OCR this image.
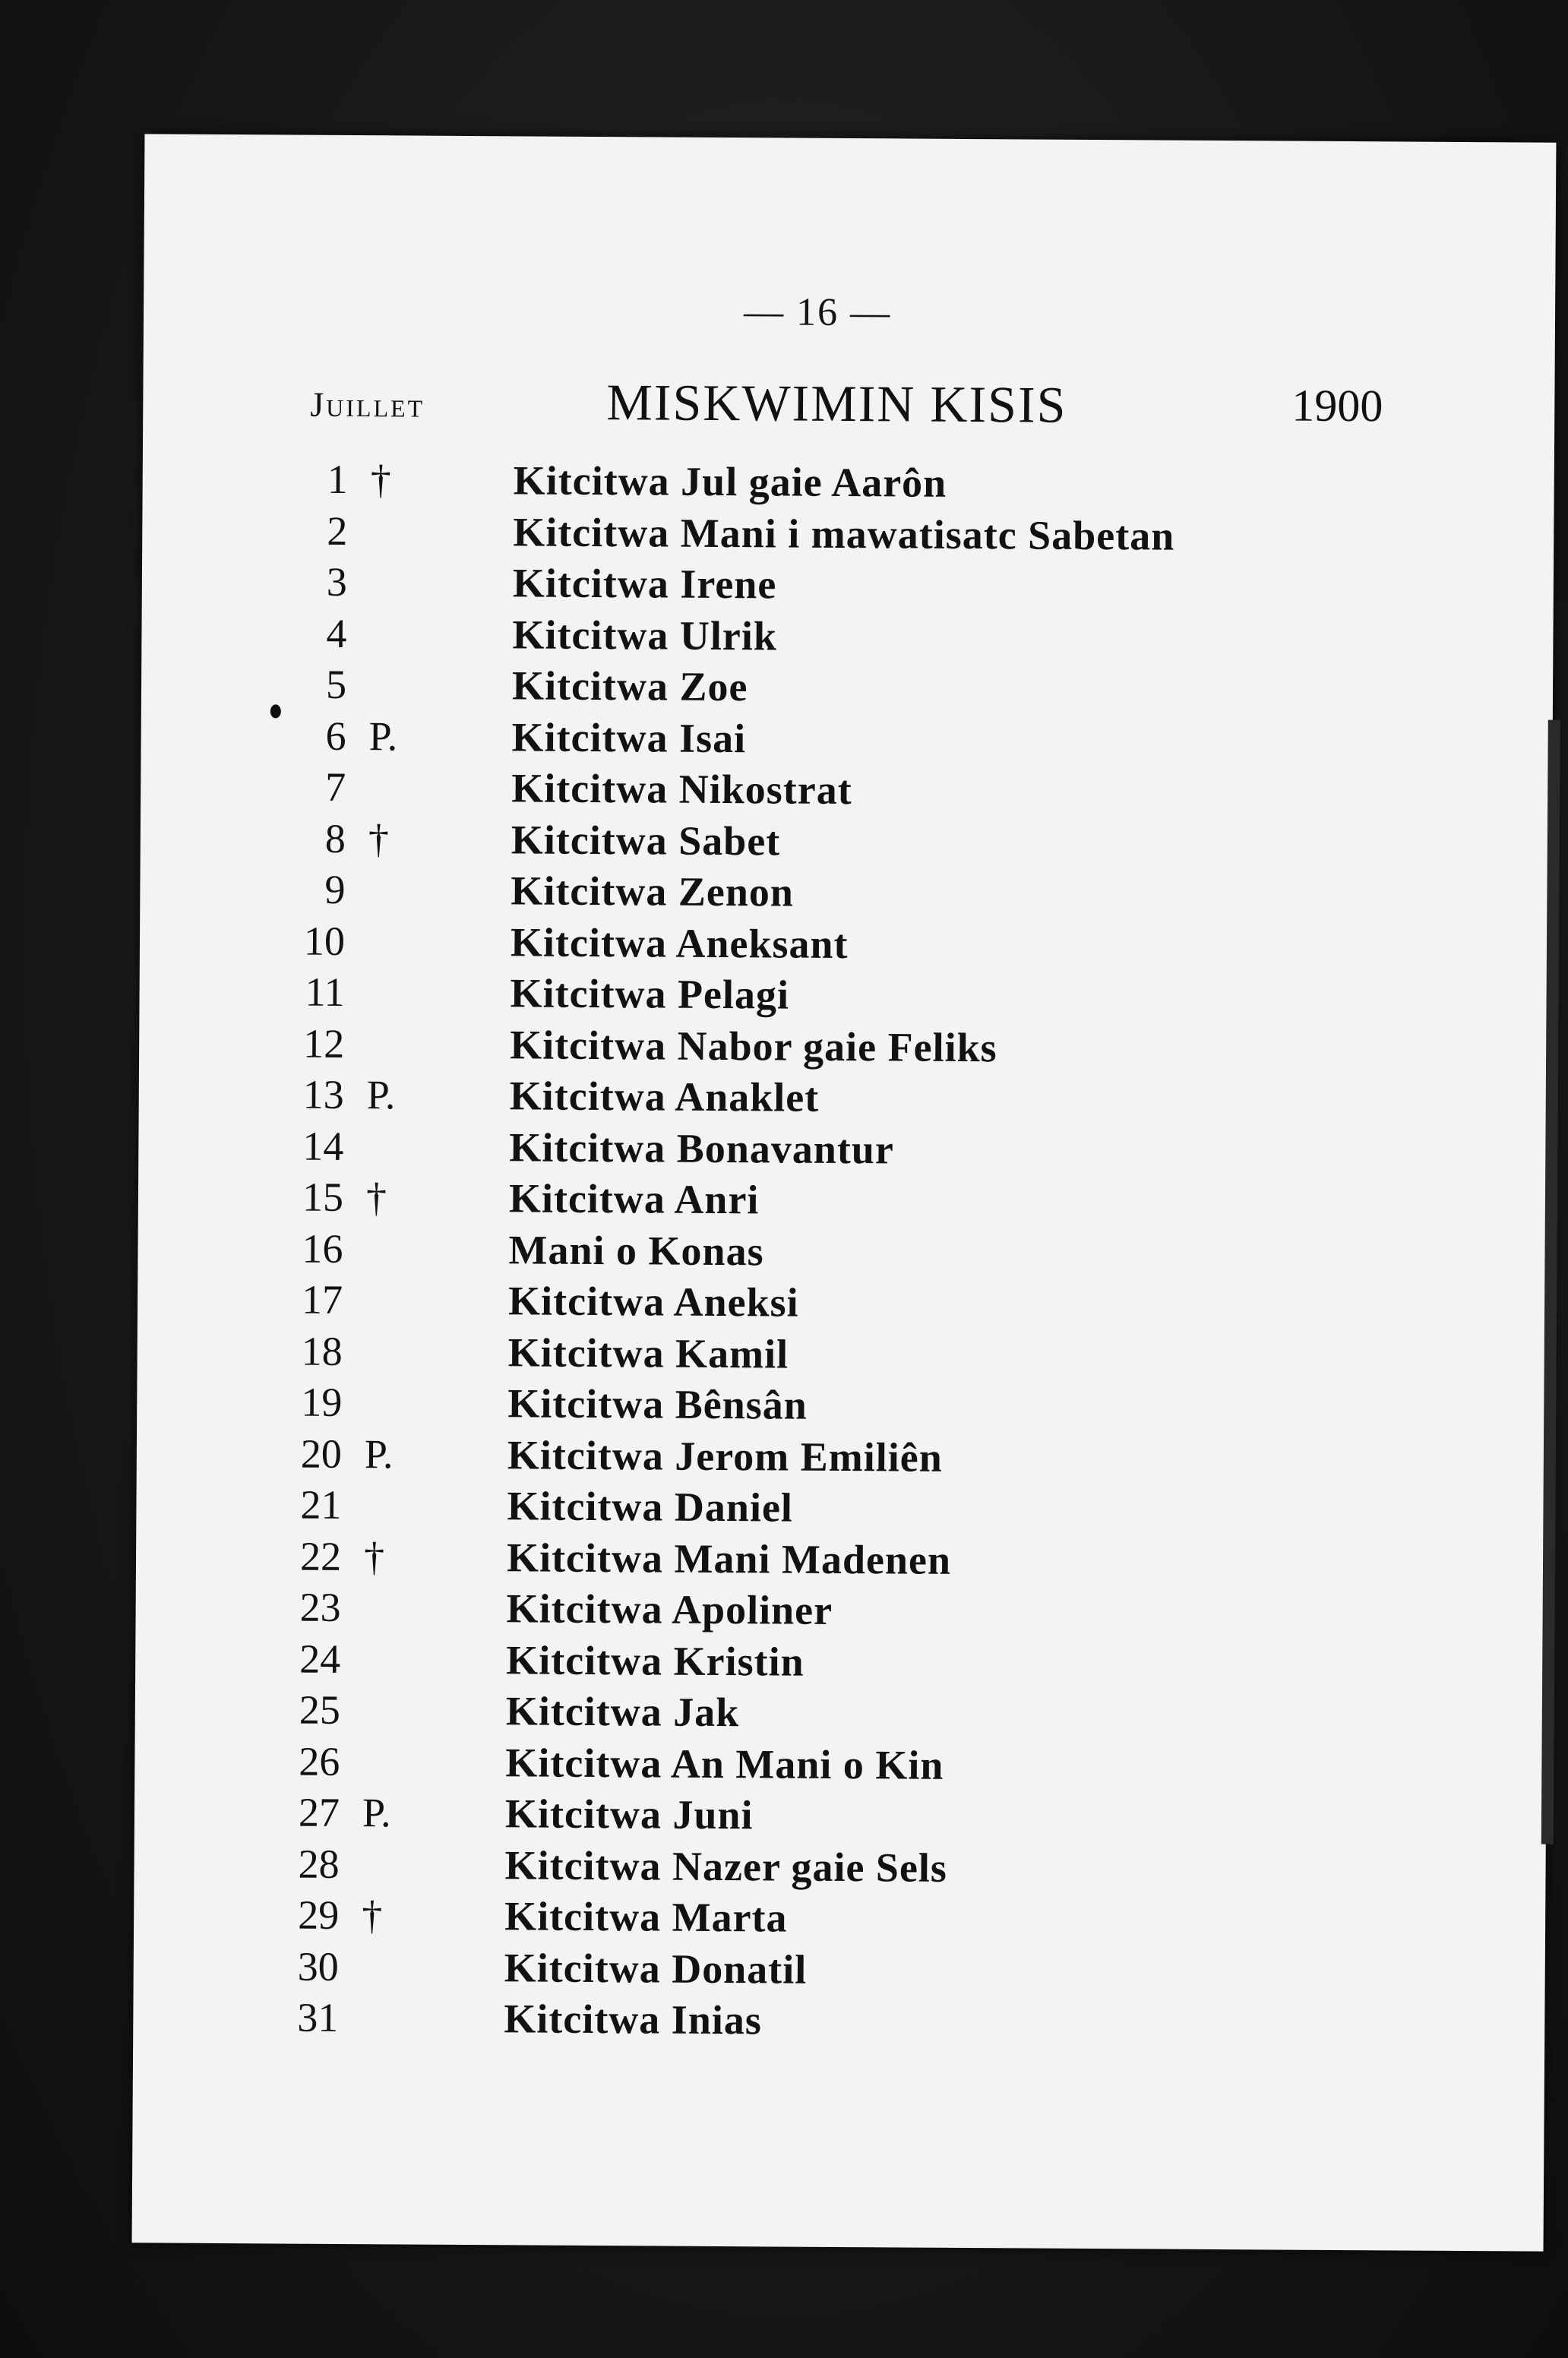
— 16 —
Juillet	MISKWIMIN KISIS	1900
1 †	Kitcitwa Jul gaie Aarôn
2	Kitcitwa Mani i mawatisatc Sabetan
3	Kitcitwa Irene
4	Kitcitwa Ulrik
5	Kitcitwa Zoe
6 P.	Kitcitwa Isai
7	Kitcitwa Nikostrat
8 †	Kitcitwa Sabet
9	Kitcitwa Zenon
10	Kitcitwa Aneksant
11	Kitcitwa Pelagi
12	Kitcitwa Nabor gaie Feliks
13 P.	Kitcitwa Anaklet
14	Kitcitwa Bonavantur
15 †	Kitcitwa Anri
16	Mani o Konas
17	Kitcitwa Aneksi
18	Kitcitwa Kamil
19	Kitcitwa Bênsân
20 P.	Kitcitwa Jerom Emiliên
21	Kitcitwa Daniel
22 †	Kitcitwa Mani Madenen
23	Kitcitwa Apoliner
24	Kitcitwa Kristin
25	Kitcitwa Jak
26	Kitcitwa An Mani o Kin
27 P.	Kitcitwa Juni
28	Kitcitwa Nazer gaie Sels
29 †	Kitcitwa Marta
30	Kitcitwa Donatil
31	Kitcitwa Inias
